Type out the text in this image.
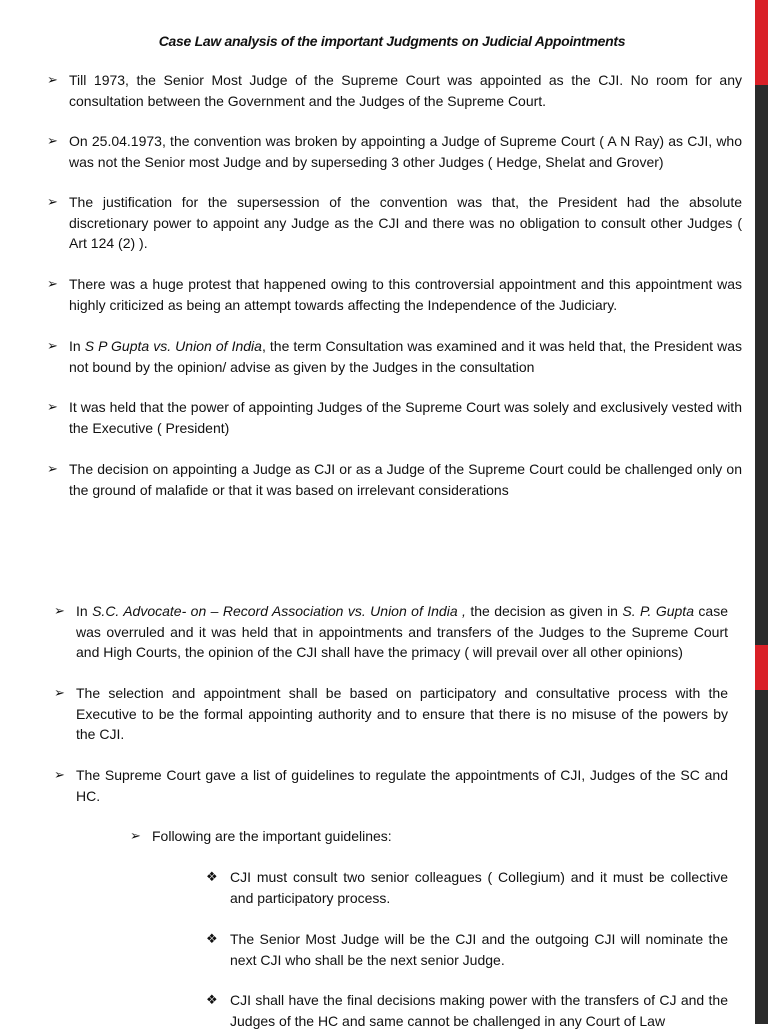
Case Law analysis of the important Judgments on Judicial Appointments
➢ Till 1973, the Senior Most Judge of the Supreme Court was appointed as the CJI. No room for any consultation between the Government and the Judges of the Supreme Court.
➢ On 25.04.1973, the convention was broken by appointing a Judge of Supreme Court ( A N Ray) as CJI, who was not the Senior most Judge and by superseding 3 other Judges ( Hedge, Shelat and Grover)
➢ The justification for the supersession of the convention was that, the President had the absolute discretionary power to appoint any Judge as the CJI and there was no obligation to consult other Judges ( Art 124 (2) ).
➢ There was a huge protest that happened owing to this controversial appointment and this appointment was highly criticized as being an attempt towards affecting the Independence of the Judiciary.
➢ In S P Gupta vs. Union of India, the term Consultation was examined and it was held that, the President was not bound by the opinion/ advise as given by the Judges in the consultation
➢ It was held that the power of appointing Judges of the Supreme Court was solely and exclusively vested with the Executive ( President)
➢ The decision on appointing a Judge as CJI or as a Judge of the Supreme Court could be challenged only on the ground of malafide or that it was based on irrelevant considerations
➢ In S.C. Advocate- on – Record Association vs. Union of India , the decision as given in S. P. Gupta case was overruled and it was held that in appointments and transfers of the Judges to the Supreme Court and High Courts, the opinion of the CJI shall have the primacy ( will prevail over all other opinions)
➢ The selection and appointment shall be based on participatory and consultative process with the Executive to be the formal appointing authority and to ensure that there is no misuse of the powers by the CJI.
➢ The Supreme Court gave a list of guidelines to regulate the appointments of CJI, Judges of the SC and HC.
➢ Following are the important guidelines:
❖ CJI must consult two senior colleagues ( Collegium) and it must be collective and participatory process.
❖ The Senior Most Judge will be the CJI and the outgoing CJI will nominate the next CJI who shall be the next senior Judge.
❖ CJI shall have the final decisions making power with the transfers of CJ and the Judges of the HC and same cannot be challenged in any Court of Law
